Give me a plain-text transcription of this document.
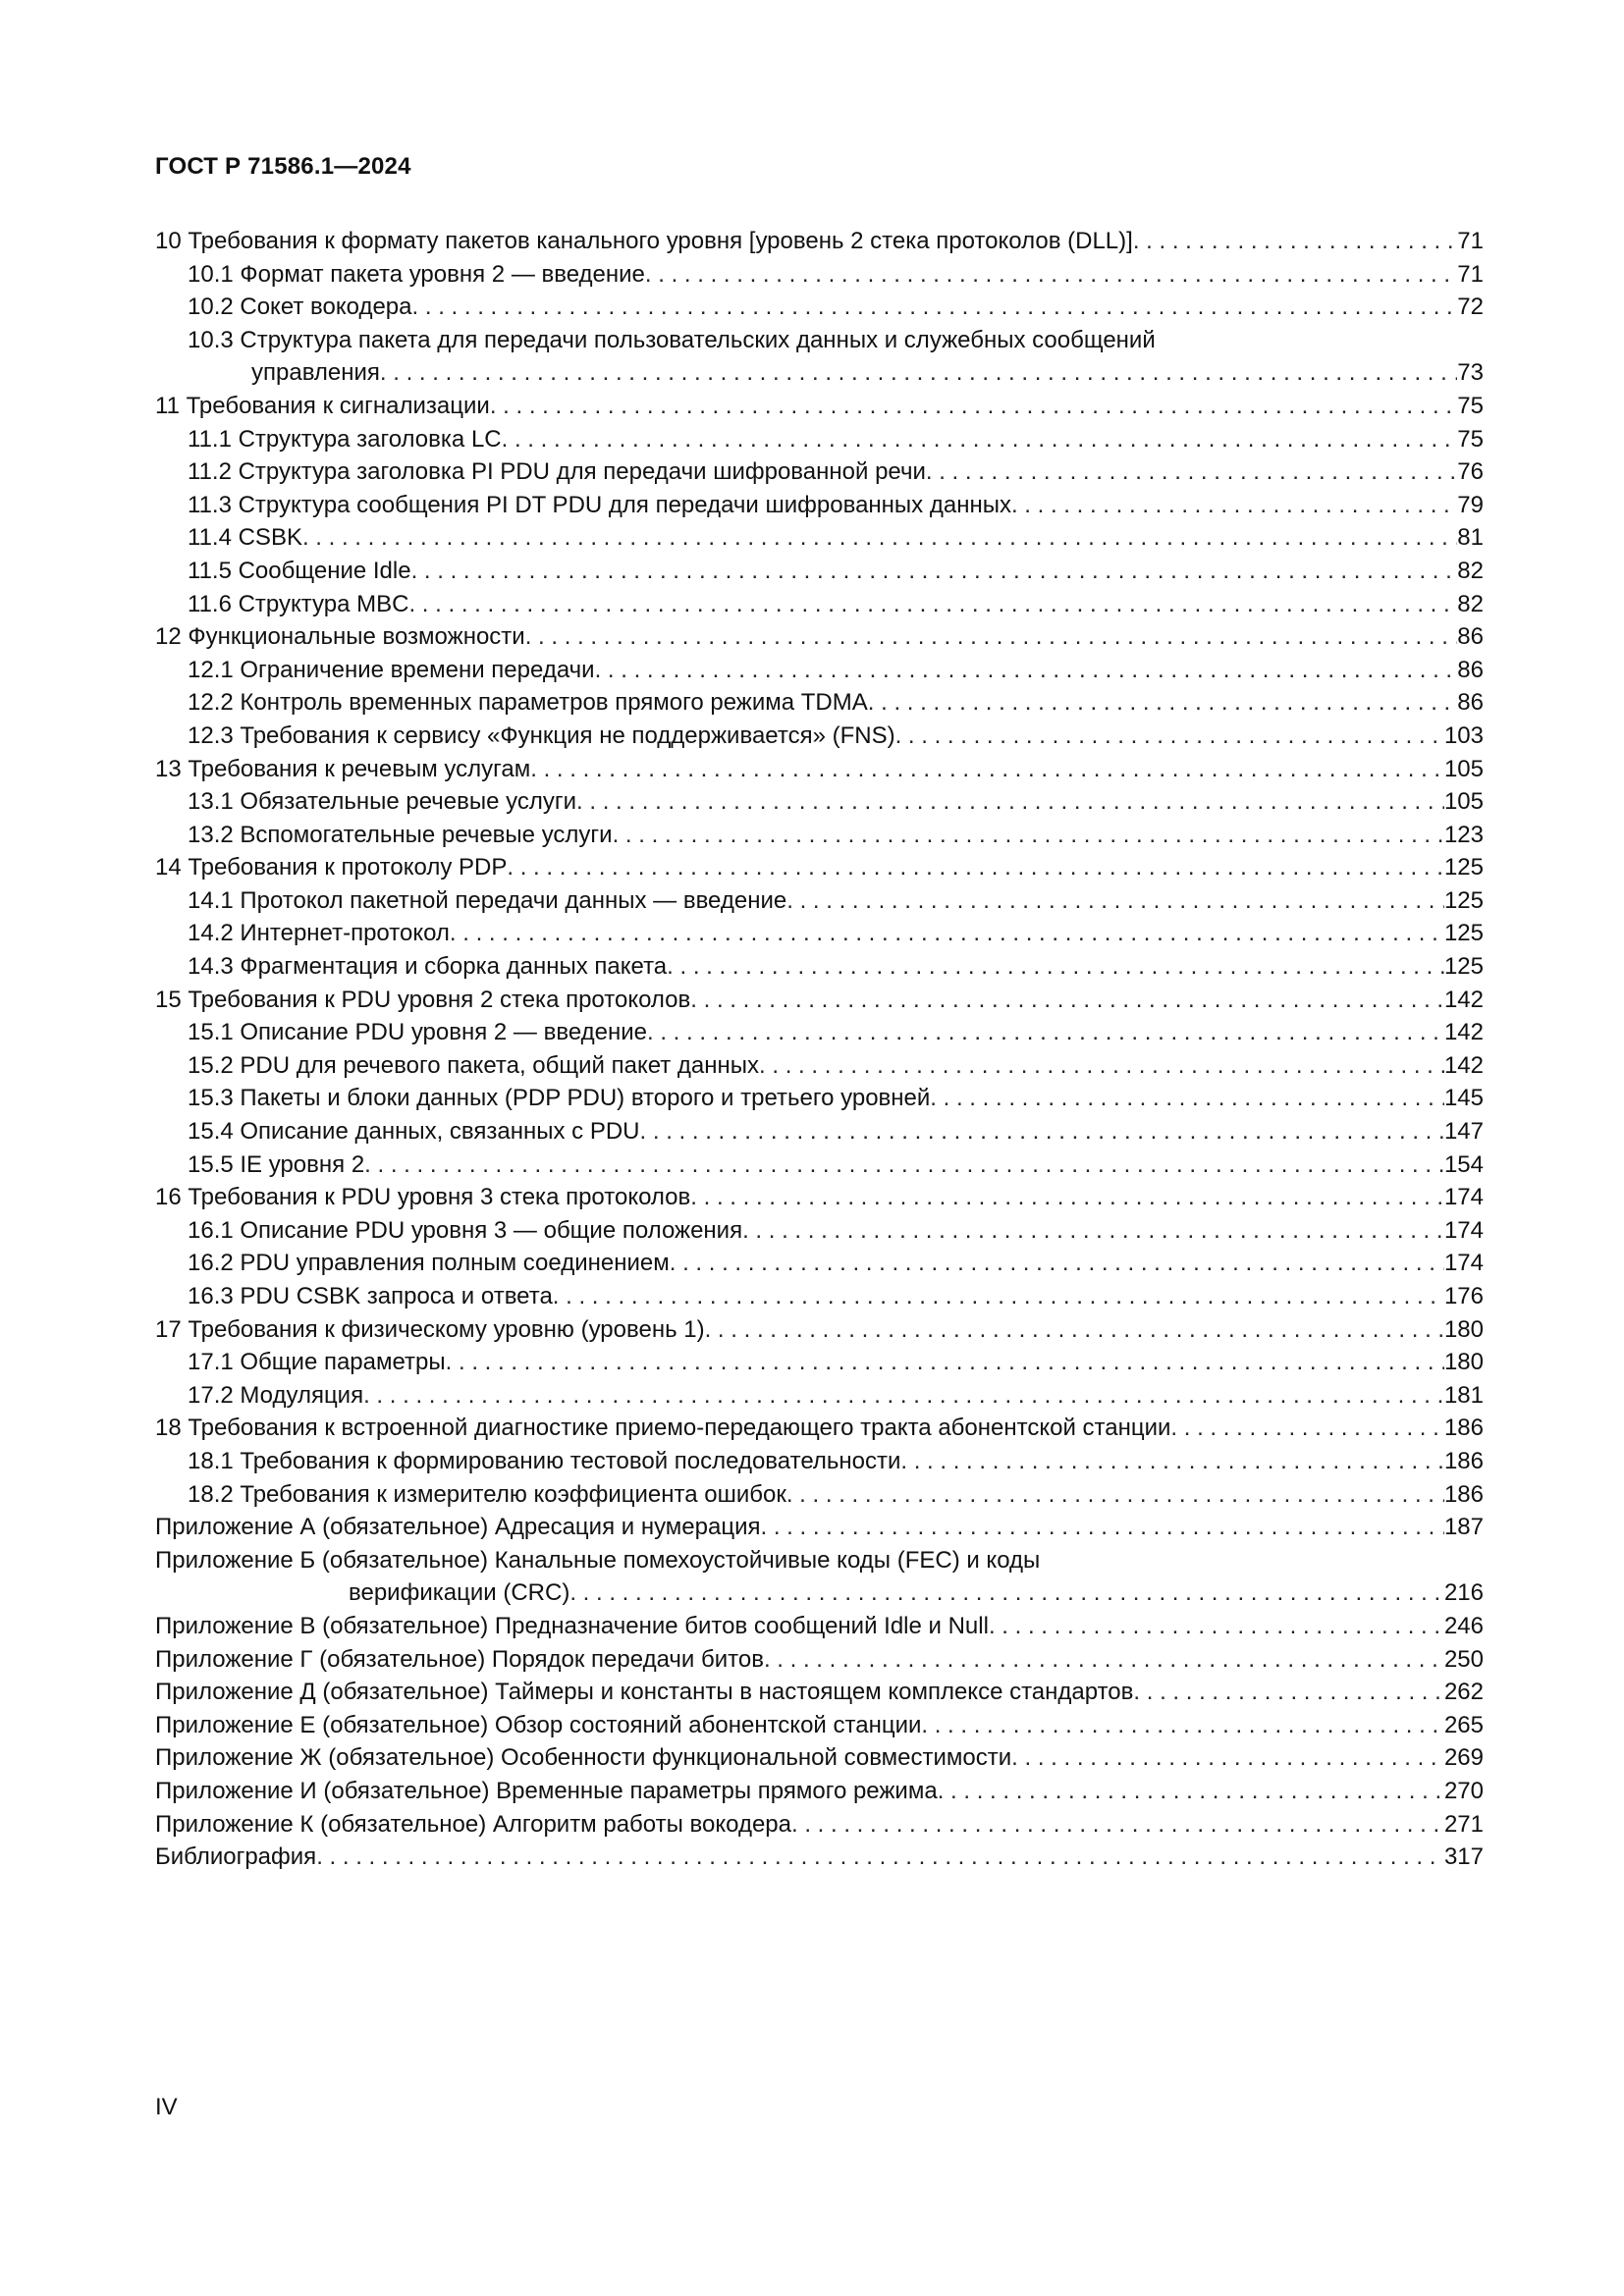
ГОСТ Р 71586.1—2024
10 Требования к формату пакетов канального уровня [уровень 2 стека протоколов (DLL)] . . .	71
10.1 Формат пакета уровня 2 — введение . . .	71
10.2 Сокет вокодера . . .	72
10.3 Структура пакета для передачи пользовательских данных и служебных сообщений
управления . . .	73
11 Требования к сигнализации . . .	75
11.1 Структура заголовка LC . . .	75
11.2 Структура заголовка PI PDU для передачи шифрованной речи . . .	76
11.3 Структура сообщения PI DT PDU для передачи шифрованных данных . . .	79
11.4 CSBK . . .	81
11.5 Сообщение Idle . . .	82
11.6 Структура MBC . . .	82
12 Функциональные возможности . . .	86
12.1 Ограничение времени передачи . . .	86
12.2 Контроль временных параметров прямого режима TDMA . . .	86
12.3 Требования к сервису «Функция не поддерживается» (FNS) . . .	103
13 Требования к речевым услугам . . .	105
13.1 Обязательные речевые услуги . . .	105
13.2 Вспомогательные речевые услуги . . .	123
14 Требования к протоколу PDP . . .	125
14.1 Протокол пакетной передачи данных — введение . . .	125
14.2 Интернет-протокол . . .	125
14.3 Фрагментация и сборка данных пакета . . .	125
15 Требования к PDU уровня 2 стека протоколов . . .	142
15.1 Описание PDU уровня 2 — введение . . .	142
15.2 PDU для речевого пакета, общий пакет данных . . .	142
15.3 Пакеты и блоки данных (PDP PDU) второго и третьего уровней . . .	145
15.4 Описание данных, связанных с PDU . . .	147
15.5 IE уровня 2 . . .	154
16 Требования к PDU уровня 3 стека протоколов . . .	174
16.1 Описание PDU уровня 3 — общие положения . . .	174
16.2 PDU управления полным соединением . . .	174
16.3 PDU CSBK запроса и ответа . . .	176
17 Требования к физическому уровню (уровень 1) . . .	180
17.1 Общие параметры . . .	180
17.2 Модуляция . . .	181
18 Требования к встроенной диагностике приемо-передающего тракта абонентской станции . . .	186
18.1 Требования к формированию тестовой последовательности . . .	186
18.2 Требования к измерителю коэффициента ошибок . . .	186
Приложение А (обязательное) Адресация и нумерация . . .	187
Приложение Б (обязательное) Канальные помехоустойчивые коды (FEC) и коды
верификации (CRC) . . .	216
Приложение В (обязательное) Предназначение битов сообщений Idle и Null . . .	246
Приложение Г (обязательное) Порядок передачи битов . . .	250
Приложение Д (обязательное) Таймеры и константы в настоящем комплексе стандартов . . .	262
Приложение Е (обязательное) Обзор состояний абонентской станции . . .	265
Приложение Ж (обязательное) Особенности функциональной совместимости . . .	269
Приложение И (обязательное) Временные параметры прямого режима . . .	270
Приложение К (обязательное) Алгоритм работы вокодера . . .	271
Библиография . . .	317
IV
